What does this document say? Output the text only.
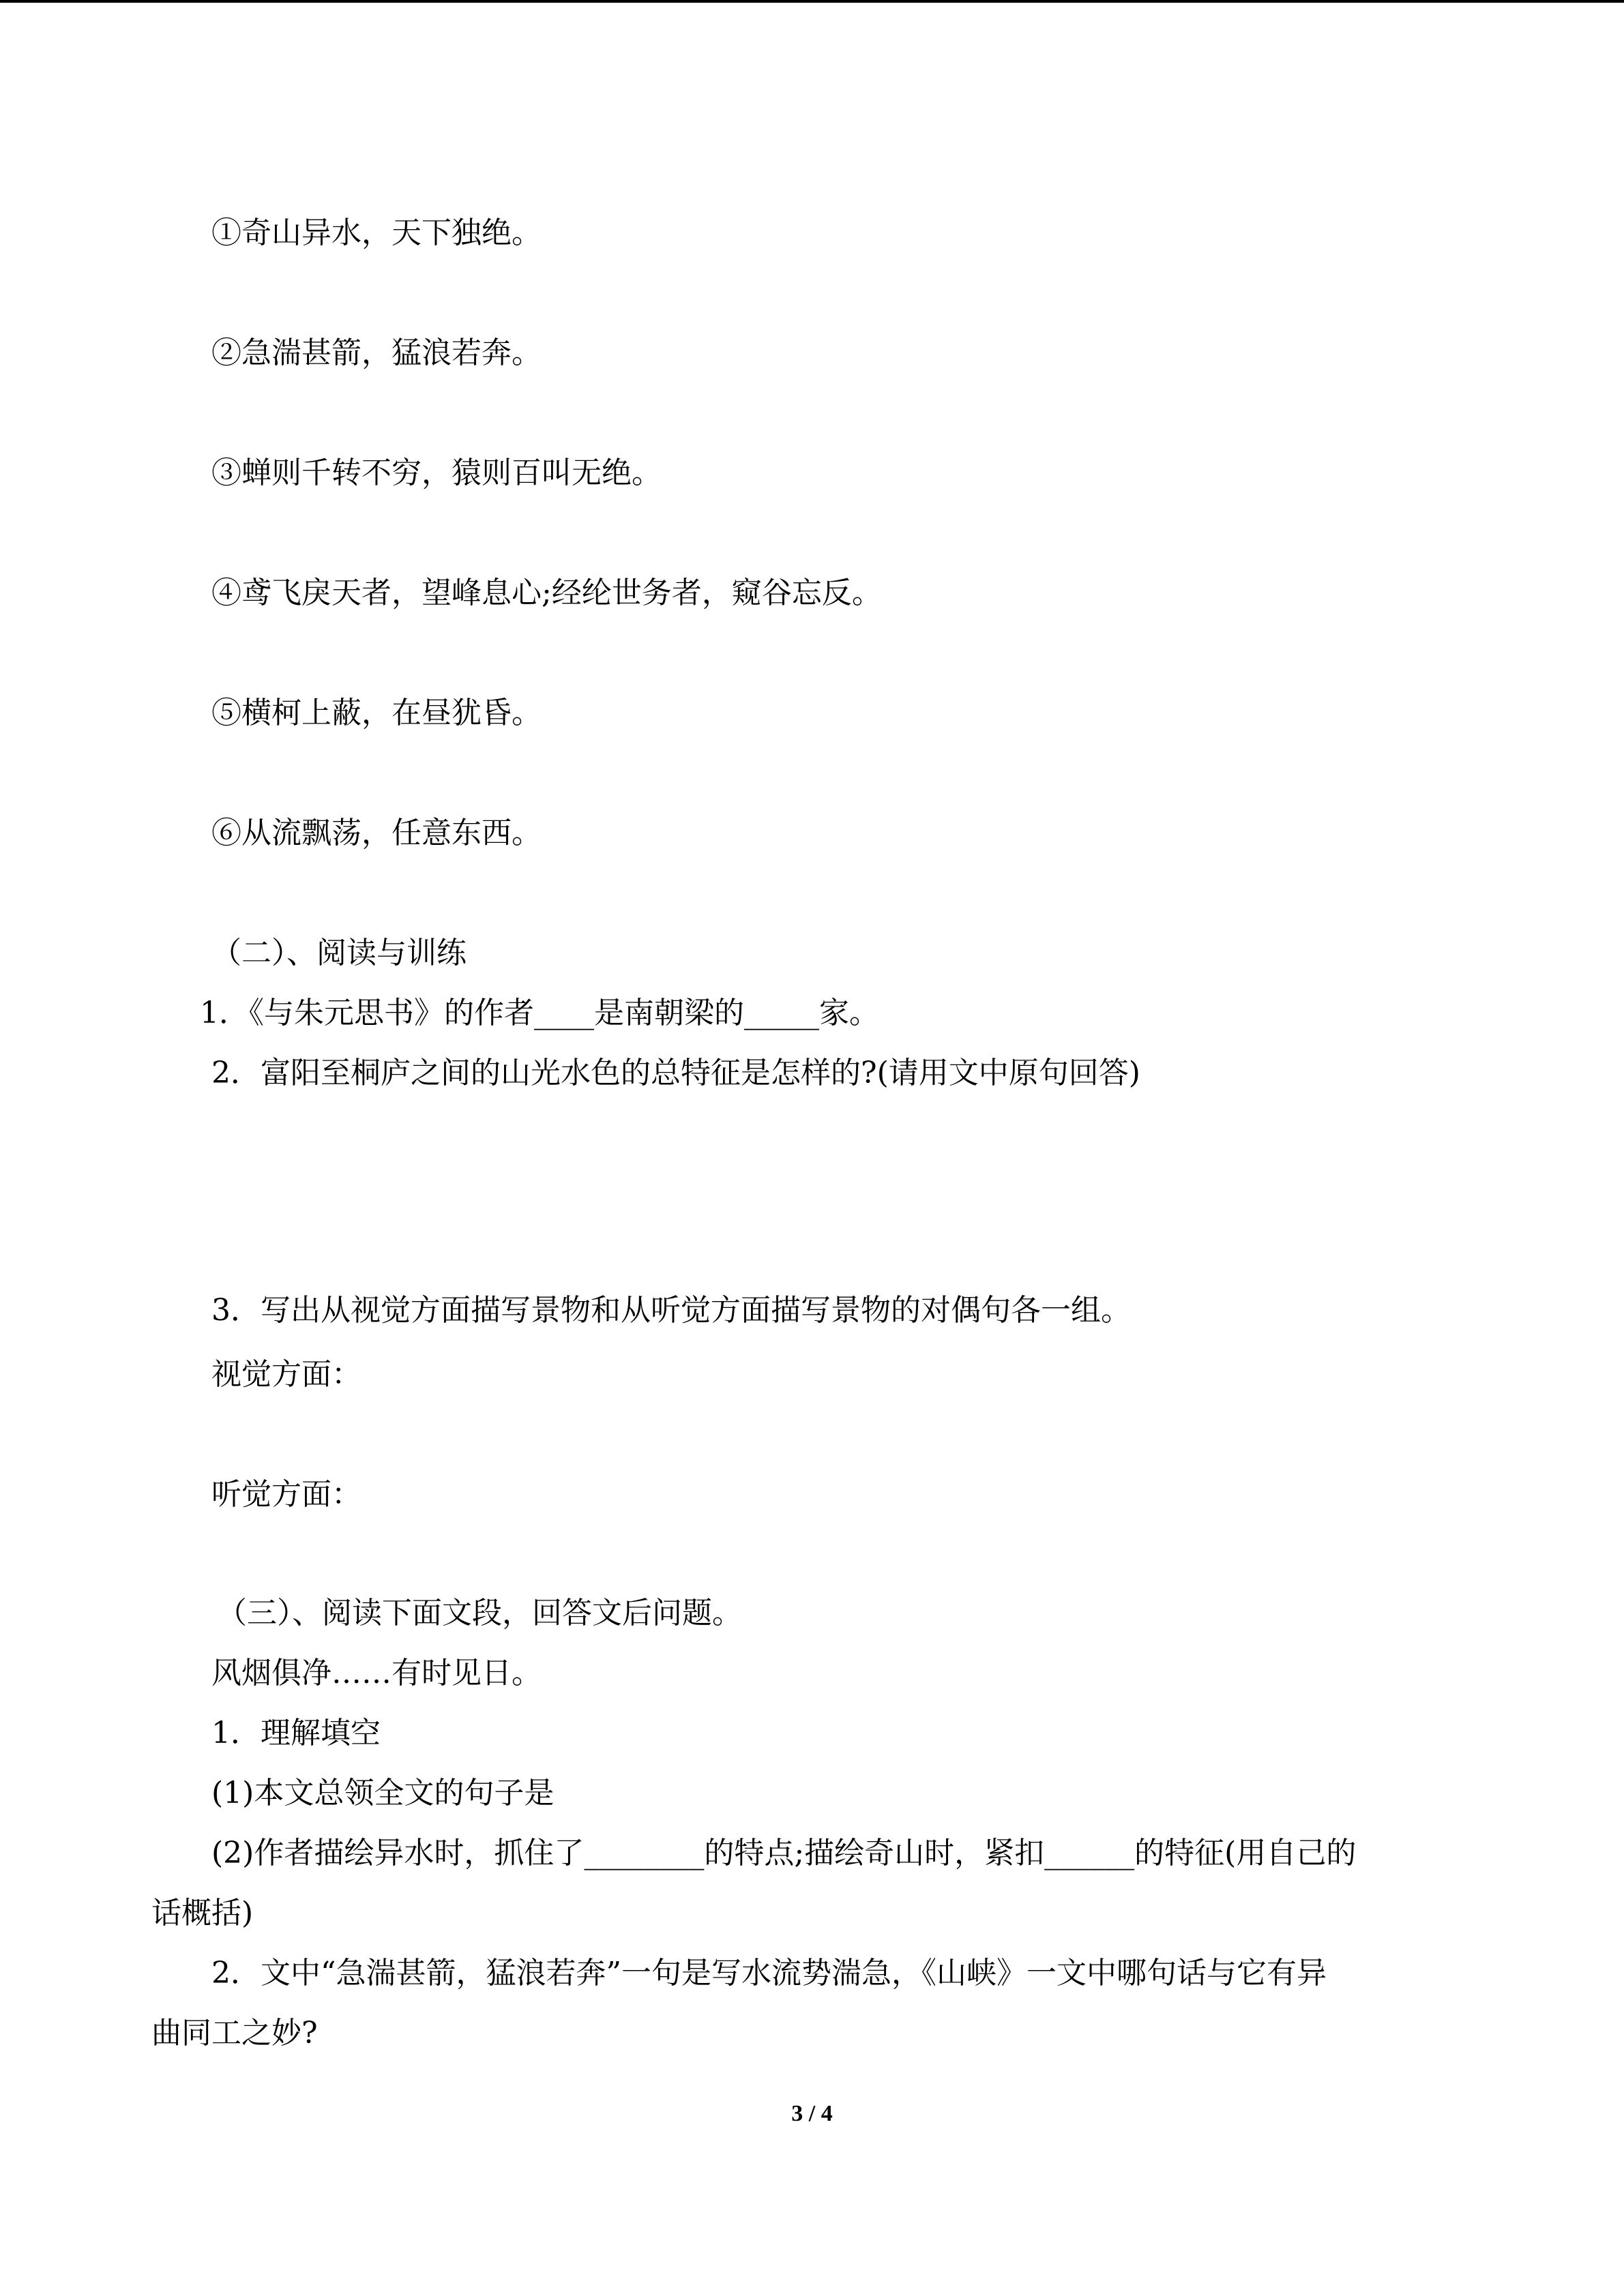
①奇山异水，天下独绝。
②急湍甚箭，猛浪若奔。
③蝉则千转不穷，猿则百叫无绝。
④鸢飞戾天者，望峰息心;经纶世务者，窥谷忘反。
⑤横柯上蔽，在昼犹昏。
⑥从流飘荡，任意东西。
（二）、阅读与训练
1．《与朱元思书》的作者____是南朝梁的_____家。
2．富阳至桐庐之间的山光水色的总特征是怎样的?(请用文中原句回答)
3．写出从视觉方面描写景物和从听觉方面描写景物的对偶句各一组。
视觉方面：
听觉方面：
（三）、阅读下面文段，回答文后问题。
风烟俱净……有时见日。
1．理解填空
(1)本文总领全文的句子是
(2)作者描绘异水时，抓住了________的特点;描绘奇山时，紧扣______的特征(用自己的
话概括)
2．文中“急湍甚箭，猛浪若奔”一句是写水流势湍急，《山峡》一文中哪句话与它有异
曲同工之妙?
3 / 4
